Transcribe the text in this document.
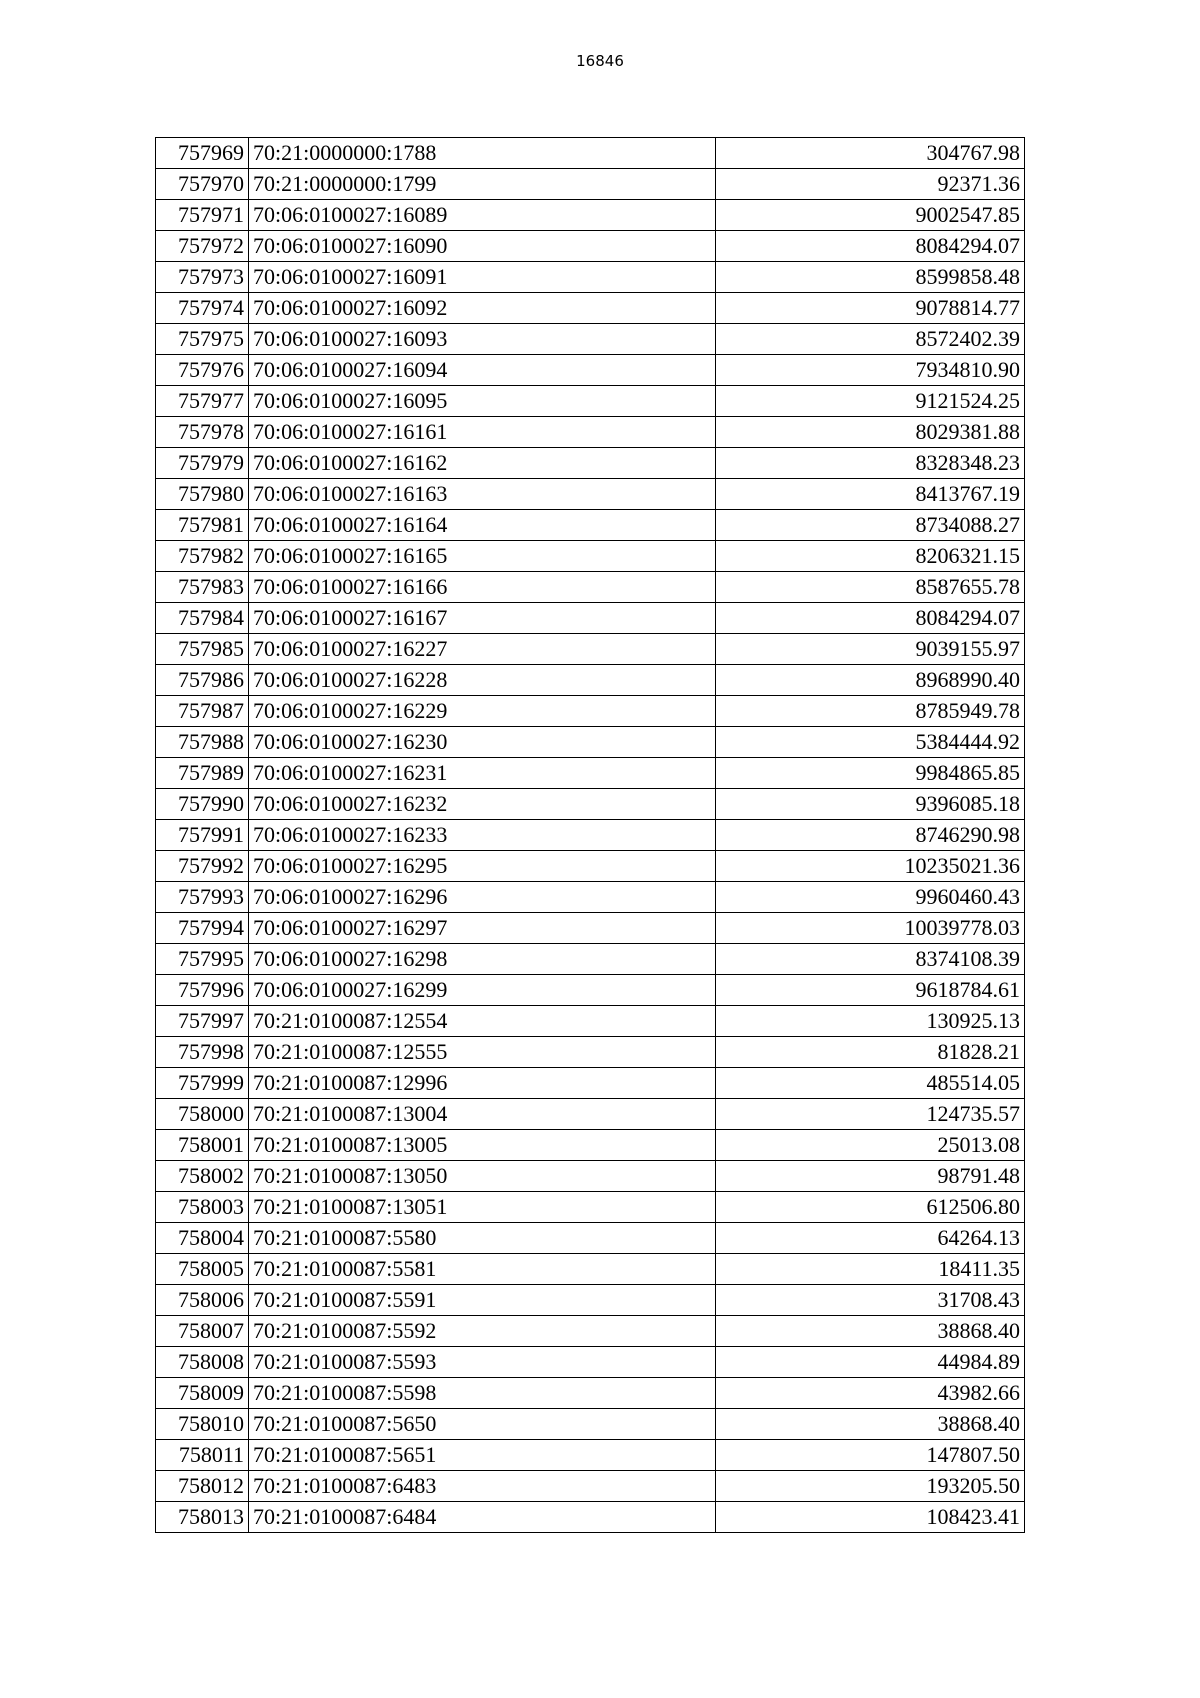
16846
757969	70:21:0000000:1788	304767.98
757970	70:21:0000000:1799	92371.36
757971	70:06:0100027:16089	9002547.85
757972	70:06:0100027:16090	8084294.07
757973	70:06:0100027:16091	8599858.48
757974	70:06:0100027:16092	9078814.77
757975	70:06:0100027:16093	8572402.39
757976	70:06:0100027:16094	7934810.90
757977	70:06:0100027:16095	9121524.25
757978	70:06:0100027:16161	8029381.88
757979	70:06:0100027:16162	8328348.23
757980	70:06:0100027:16163	8413767.19
757981	70:06:0100027:16164	8734088.27
757982	70:06:0100027:16165	8206321.15
757983	70:06:0100027:16166	8587655.78
757984	70:06:0100027:16167	8084294.07
757985	70:06:0100027:16227	9039155.97
757986	70:06:0100027:16228	8968990.40
757987	70:06:0100027:16229	8785949.78
757988	70:06:0100027:16230	5384444.92
757989	70:06:0100027:16231	9984865.85
757990	70:06:0100027:16232	9396085.18
757991	70:06:0100027:16233	8746290.98
757992	70:06:0100027:16295	10235021.36
757993	70:06:0100027:16296	9960460.43
757994	70:06:0100027:16297	10039778.03
757995	70:06:0100027:16298	8374108.39
757996	70:06:0100027:16299	9618784.61
757997	70:21:0100087:12554	130925.13
757998	70:21:0100087:12555	81828.21
757999	70:21:0100087:12996	485514.05
758000	70:21:0100087:13004	124735.57
758001	70:21:0100087:13005	25013.08
758002	70:21:0100087:13050	98791.48
758003	70:21:0100087:13051	612506.80
758004	70:21:0100087:5580	64264.13
758005	70:21:0100087:5581	18411.35
758006	70:21:0100087:5591	31708.43
758007	70:21:0100087:5592	38868.40
758008	70:21:0100087:5593	44984.89
758009	70:21:0100087:5598	43982.66
758010	70:21:0100087:5650	38868.40
758011	70:21:0100087:5651	147807.50
758012	70:21:0100087:6483	193205.50
758013	70:21:0100087:6484	108423.41
